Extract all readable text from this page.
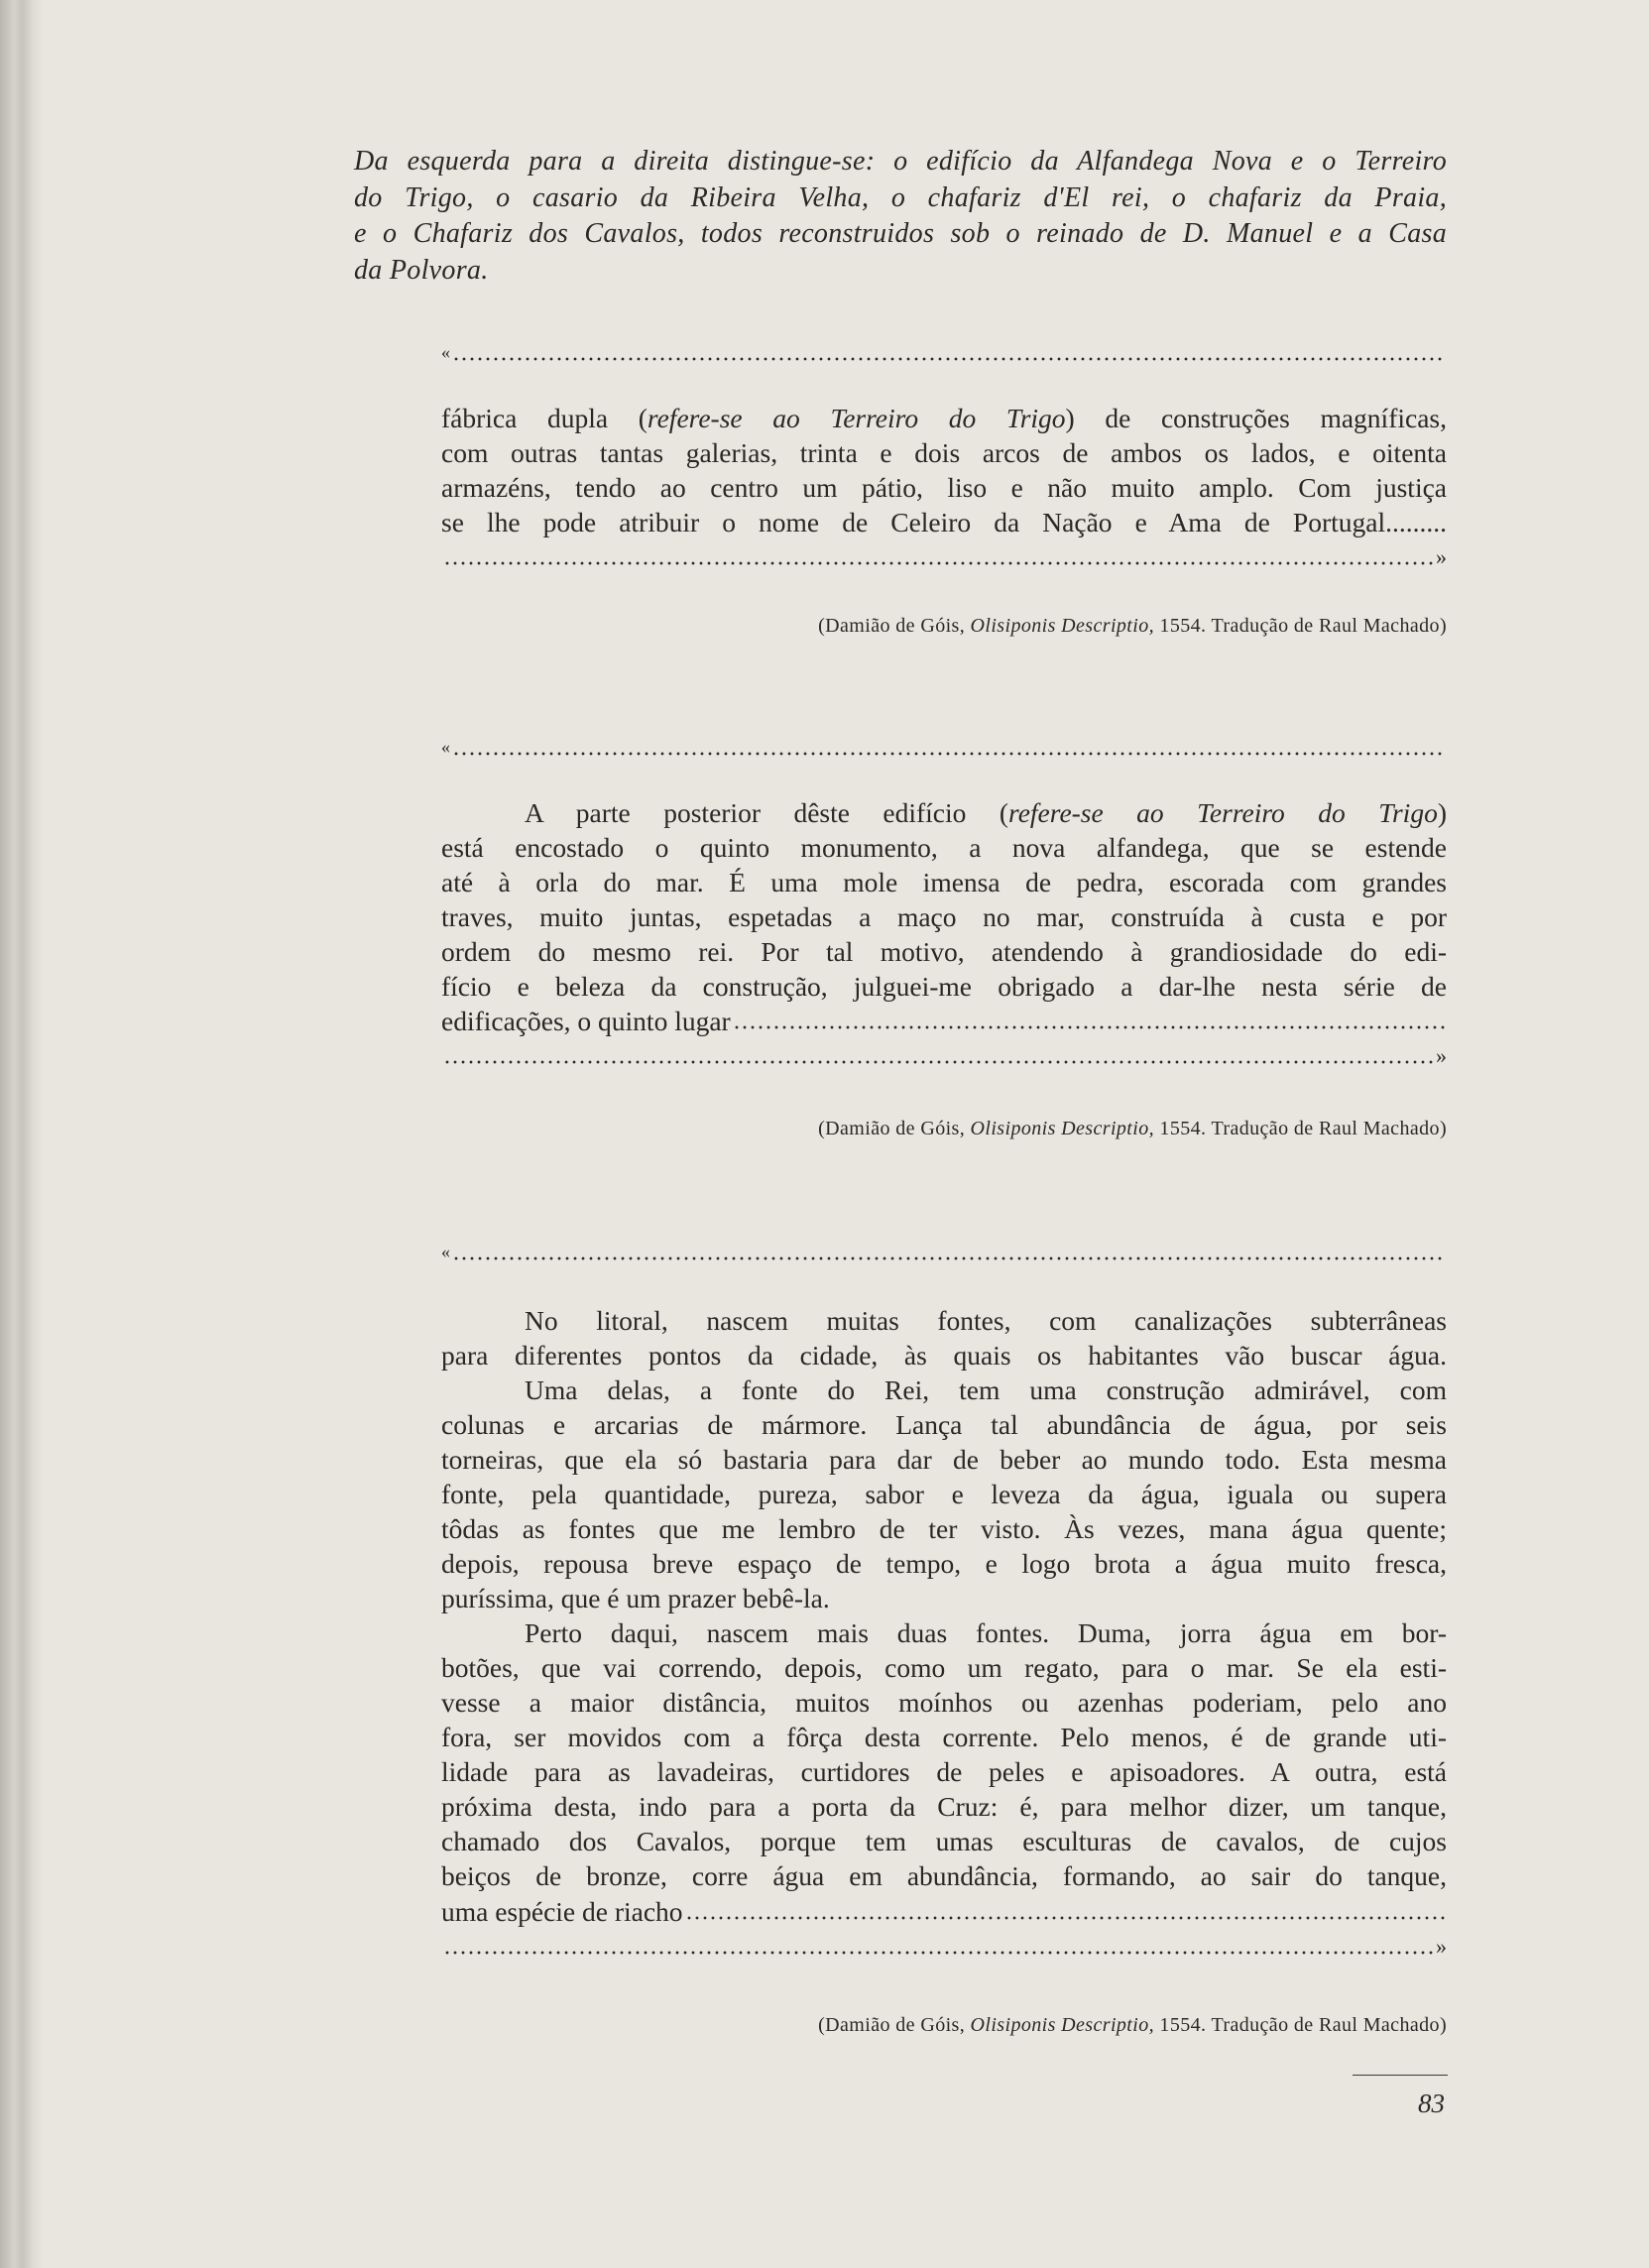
Da esquerda para a direita distingue-se: o edifício da Alfandega Nova e o Terreiro
do Trigo, o casario da Ribeira Velha, o chafariz d'El rei, o chafariz da Praia,
e o Chafariz dos Cavalos, todos reconstruidos sob o reinado de D. Manuel e a Casa
da Polvora.
«
fábrica dupla (refere-se ao Terreiro do Trigo) de construções magníficas,
com outras tantas galerias, trinta e dois arcos de ambos os lados, e oitenta
armazéns, tendo ao centro um pátio, liso e não muito amplo. Com justiça
se lhe pode atribuir o nome de Celeiro da Nação e Ama de Portugal.........
»
(Damião de Góis, Olisiponis Descriptio, 1554. Tradução de Raul Machado)
«
A parte posterior dêste edifício (refere-se ao Terreiro do Trigo)
está encostado o quinto monumento, a nova alfandega, que se estende
até à orla do mar. É uma mole imensa de pedra, escorada com grandes
traves, muito juntas, espetadas a maço no mar, construída à custa e por
ordem do mesmo rei. Por tal motivo, atendendo à grandiosidade do edi-
fício e beleza da construção, julguei-me obrigado a dar-lhe nesta série de
edificações, o quinto lugar
»
(Damião de Góis, Olisiponis Descriptio, 1554. Tradução de Raul Machado)
«
No litoral, nascem muitas fontes, com canalizações subterrâneas
para diferentes pontos da cidade, às quais os habitantes vão buscar água.
Uma delas, a fonte do Rei, tem uma construção admirável, com
colunas e arcarias de mármore. Lança tal abundância de água, por seis
torneiras, que ela só bastaria para dar de beber ao mundo todo. Esta mesma
fonte, pela quantidade, pureza, sabor e leveza da água, iguala ou supera
tôdas as fontes que me lembro de ter visto. Às vezes, mana água quente;
depois, repousa breve espaço de tempo, e logo brota a água muito fresca,
puríssima, que é um prazer bebê-la.
Perto daqui, nascem mais duas fontes. Duma, jorra água em bor-
botões, que vai correndo, depois, como um regato, para o mar. Se ela esti-
vesse a maior distância, muitos moínhos ou azenhas poderiam, pelo ano
fora, ser movidos com a fôrça desta corrente. Pelo menos, é de grande uti-
lidade para as lavadeiras, curtidores de peles e apisoadores. A outra, está
próxima desta, indo para a porta da Cruz: é, para melhor dizer, um tanque,
chamado dos Cavalos, porque tem umas esculturas de cavalos, de cujos
beiços de bronze, corre água em abundância, formando, ao sair do tanque,
uma espécie de riacho
»
(Damião de Góis, Olisiponis Descriptio, 1554. Tradução de Raul Machado)
83
